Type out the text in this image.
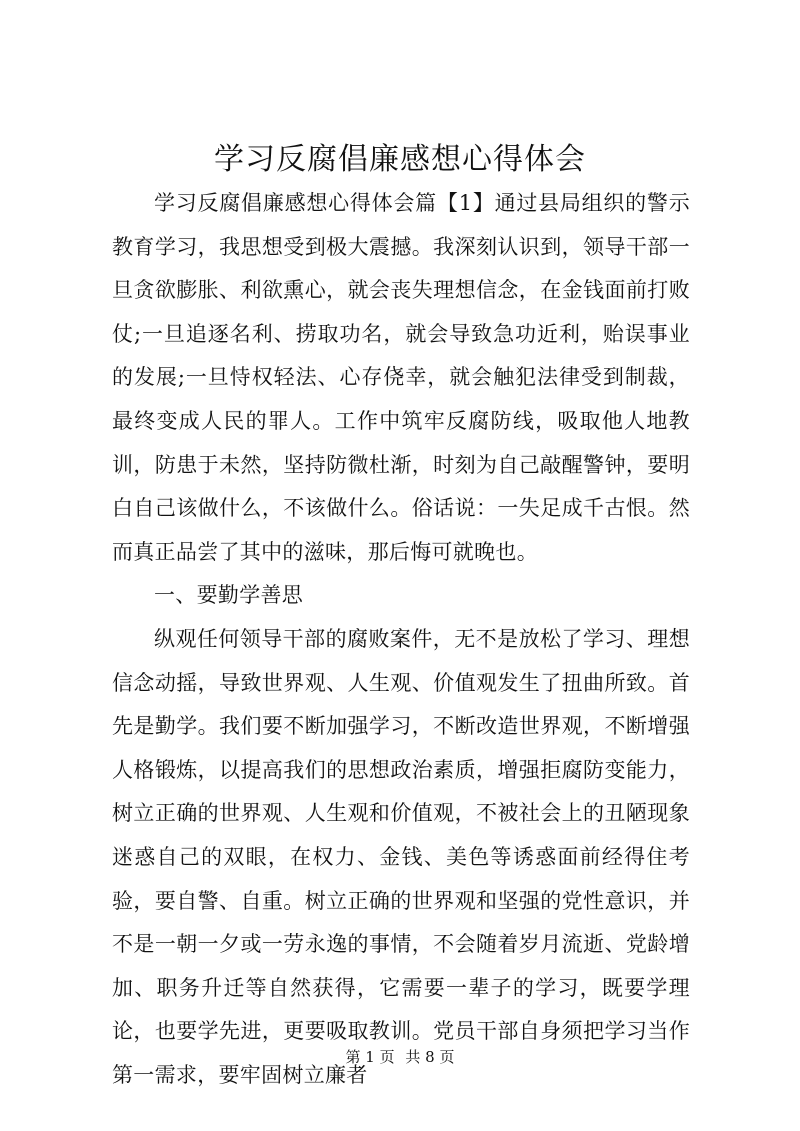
学习反腐倡廉感想心得体会

学习反腐倡廉感想心得体会篇【1】通过县局组织的警示教育学习，我思想受到极大震撼。我深刻认识到，领导干部一旦贪欲膨胀、利欲熏心，就会丧失理想信念，在金钱面前打败仗;一旦追逐名利、捞取功名，就会导致急功近利，贻误事业的发展;一旦恃权轻法、心存侥幸，就会触犯法律受到制裁，最终变成人民的罪人。工作中筑牢反腐防线，吸取他人地教训，防患于未然，坚持防微杜渐，时刻为自己敲醒警钟，要明白自己该做什么，不该做什么。俗话说：一失足成千古恨。然而真正品尝了其中的滋味，那后悔可就晚也。

一、要勤学善思

纵观任何领导干部的腐败案件，无不是放松了学习、理想信念动摇，导致世界观、人生观、价值观发生了扭曲所致。首先是勤学。我们要不断加强学习，不断改造世界观，不断增强人格锻炼，以提高我们的思想政治素质，增强拒腐防变能力，树立正确的世界观、人生观和价值观，不被社会上的丑陋现象迷惑自己的双眼，在权力、金钱、美色等诱惑面前经得住考验，要自警、自重。树立正确的世界观和坚强的党性意识，并不是一朝一夕或一劳永逸的事情，不会随着岁月流逝、党龄增加、职务升迁等自然获得，它需要一辈子的学习，既要学理论，也要学先进，更要吸取教训。党员干部自身须把学习当作第一需求，要牢固树立廉者

第 1 页 共 8 页
